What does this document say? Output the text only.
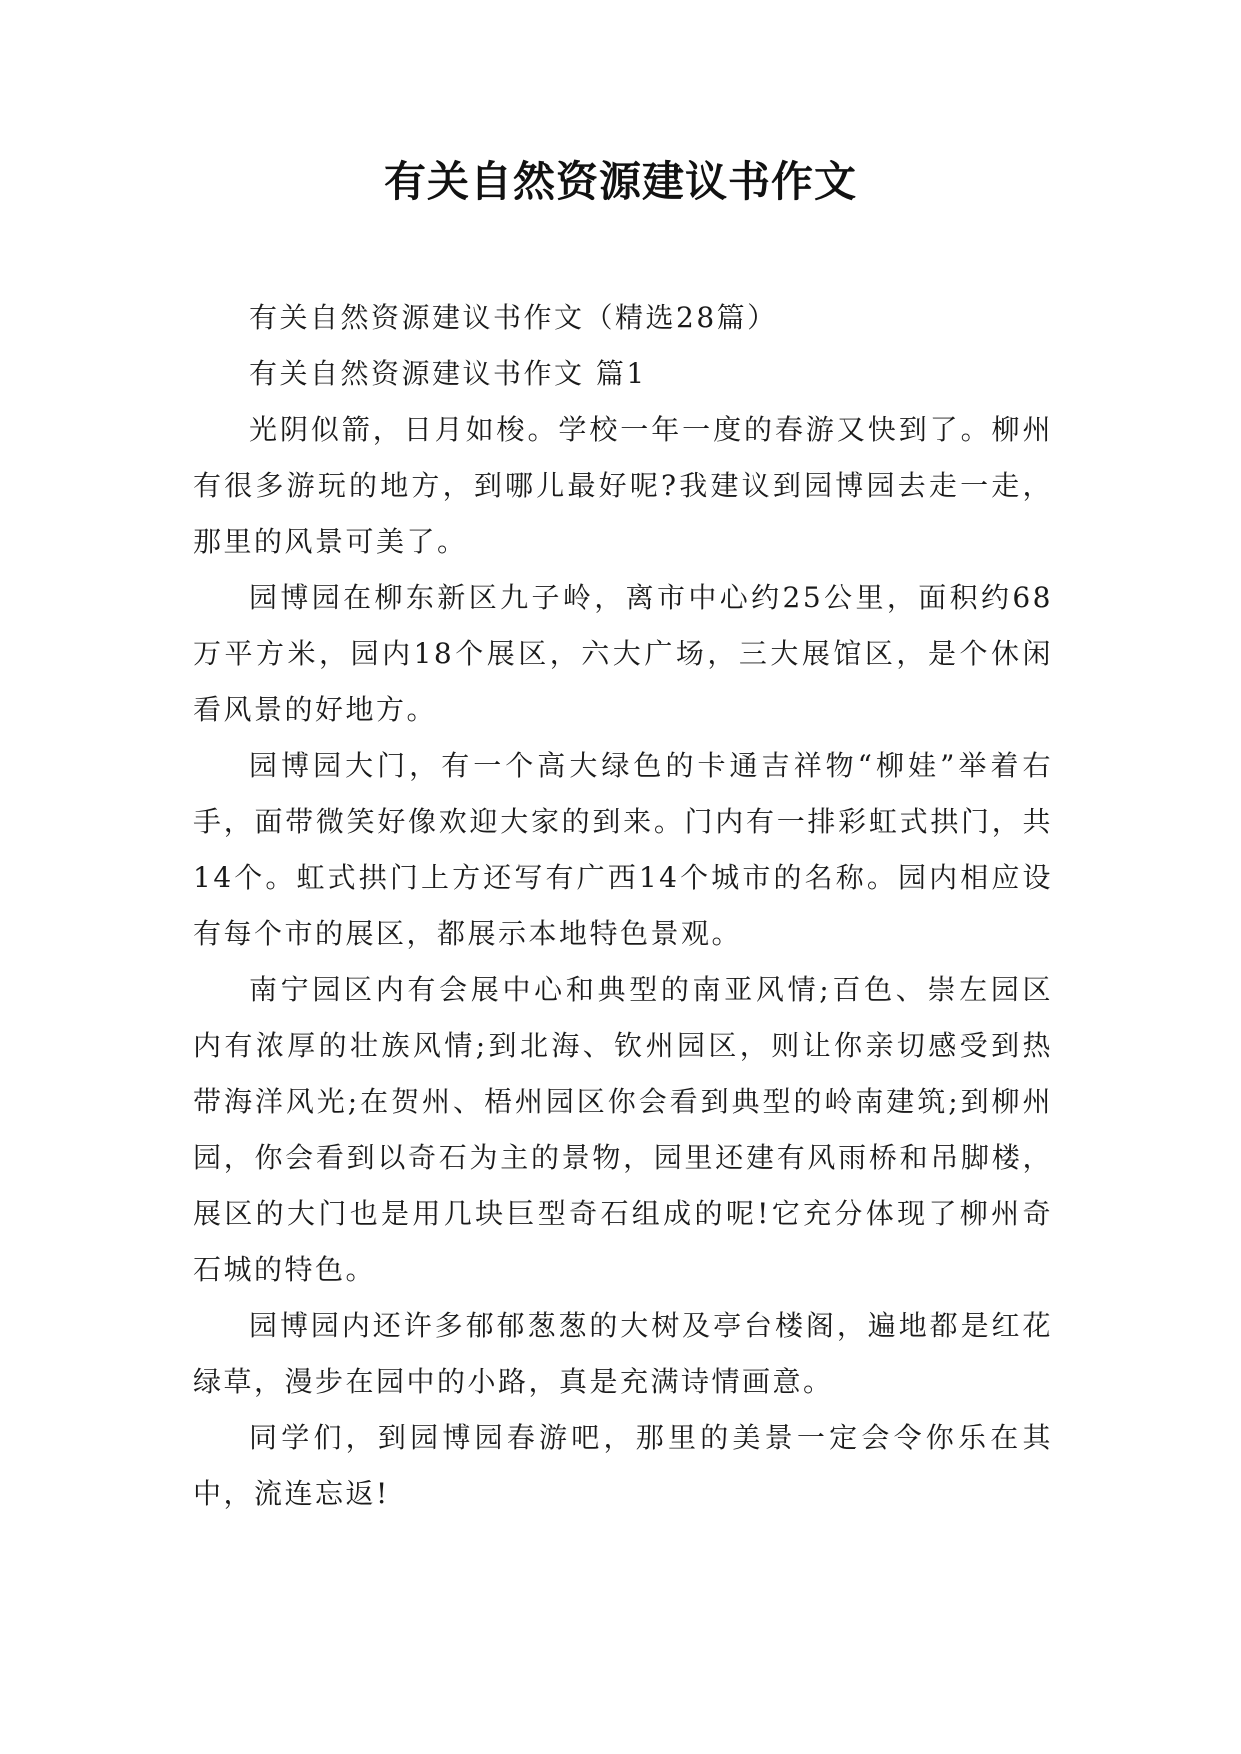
有关自然资源建议书作文

有关自然资源建议书作文（精选28篇）

有关自然资源建议书作文 篇1

光阴似箭，日月如梭。学校一年一度的春游又快到了。柳州有很多游玩的地方，到哪儿最好呢?我建议到园博园去走一走，那里的风景可美了。

园博园在柳东新区九子岭，离市中心约25公里，面积约68万平方米，园内18个展区，六大广场，三大展馆区，是个休闲看风景的好地方。

园博园大门，有一个高大绿色的卡通吉祥物“柳娃”举着右手，面带微笑好像欢迎大家的到来。门内有一排彩虹式拱门，共14个。虹式拱门上方还写有广西14个城市的名称。园内相应设有每个市的展区，都展示本地特色景观。

南宁园区内有会展中心和典型的南亚风情;百色、崇左园区内有浓厚的壮族风情;到北海、钦州园区，则让你亲切感受到热带海洋风光;在贺州、梧州园区你会看到典型的岭南建筑;到柳州园，你会看到以奇石为主的景物，园里还建有风雨桥和吊脚楼，展区的大门也是用几块巨型奇石组成的呢!它充分体现了柳州奇石城的特色。

园博园内还许多郁郁葱葱的大树及亭台楼阁，遍地都是红花绿草，漫步在园中的小路，真是充满诗情画意。

同学们，到园博园春游吧，那里的美景一定会令你乐在其中，流连忘返!
